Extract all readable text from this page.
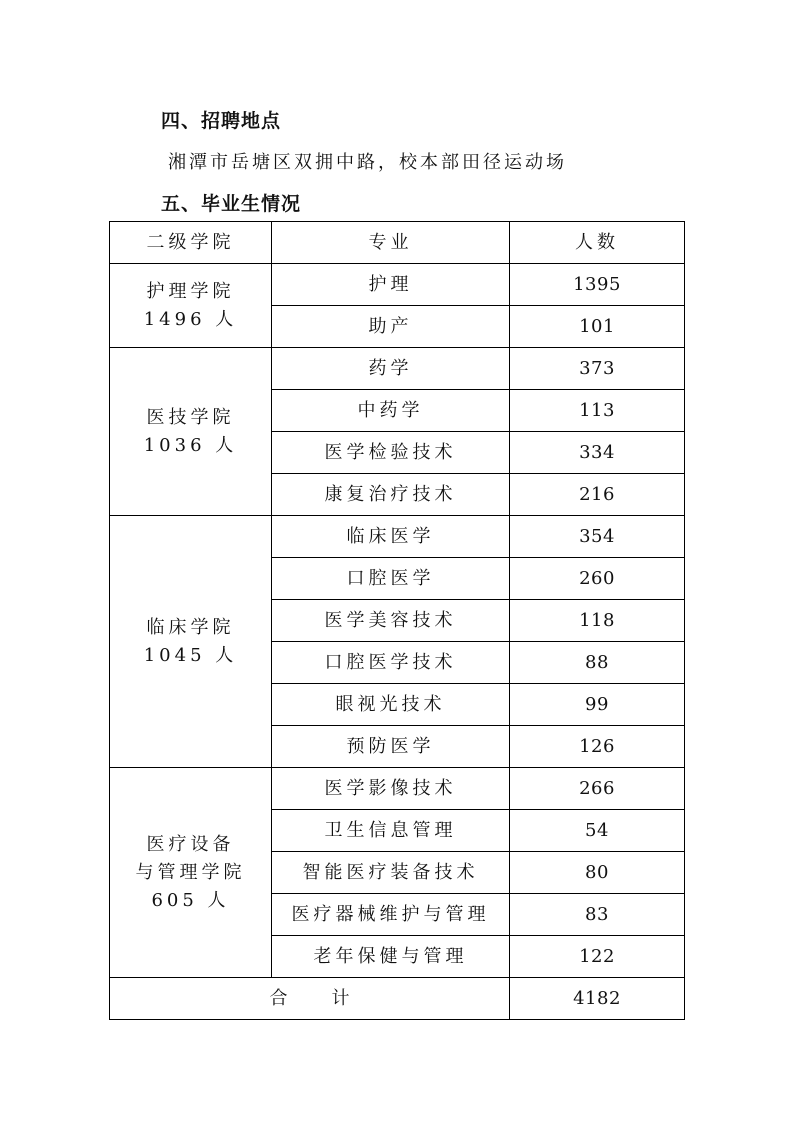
四、招聘地点

湘潭市岳塘区双拥中路，校本部田径运动场

五、毕业生情况

二级学院	专业	人数

护理学院
1496 人	护理	1395
	助产	101

医技学院
1036 人	药学	373
	中药学	113
	医学检验技术	334
	康复治疗技术	216

临床学院
1045 人	临床医学	354
	口腔医学	260
	医学美容技术	118
	口腔医学技术	88
	眼视光技术	99
	预防医学	126

医疗设备
与管理学院
605 人	医学影像技术	266
	卫生信息管理	54
	智能医疗装备技术	80
	医疗器械维护与管理	83
	老年保健与管理	122
合 计		4182
